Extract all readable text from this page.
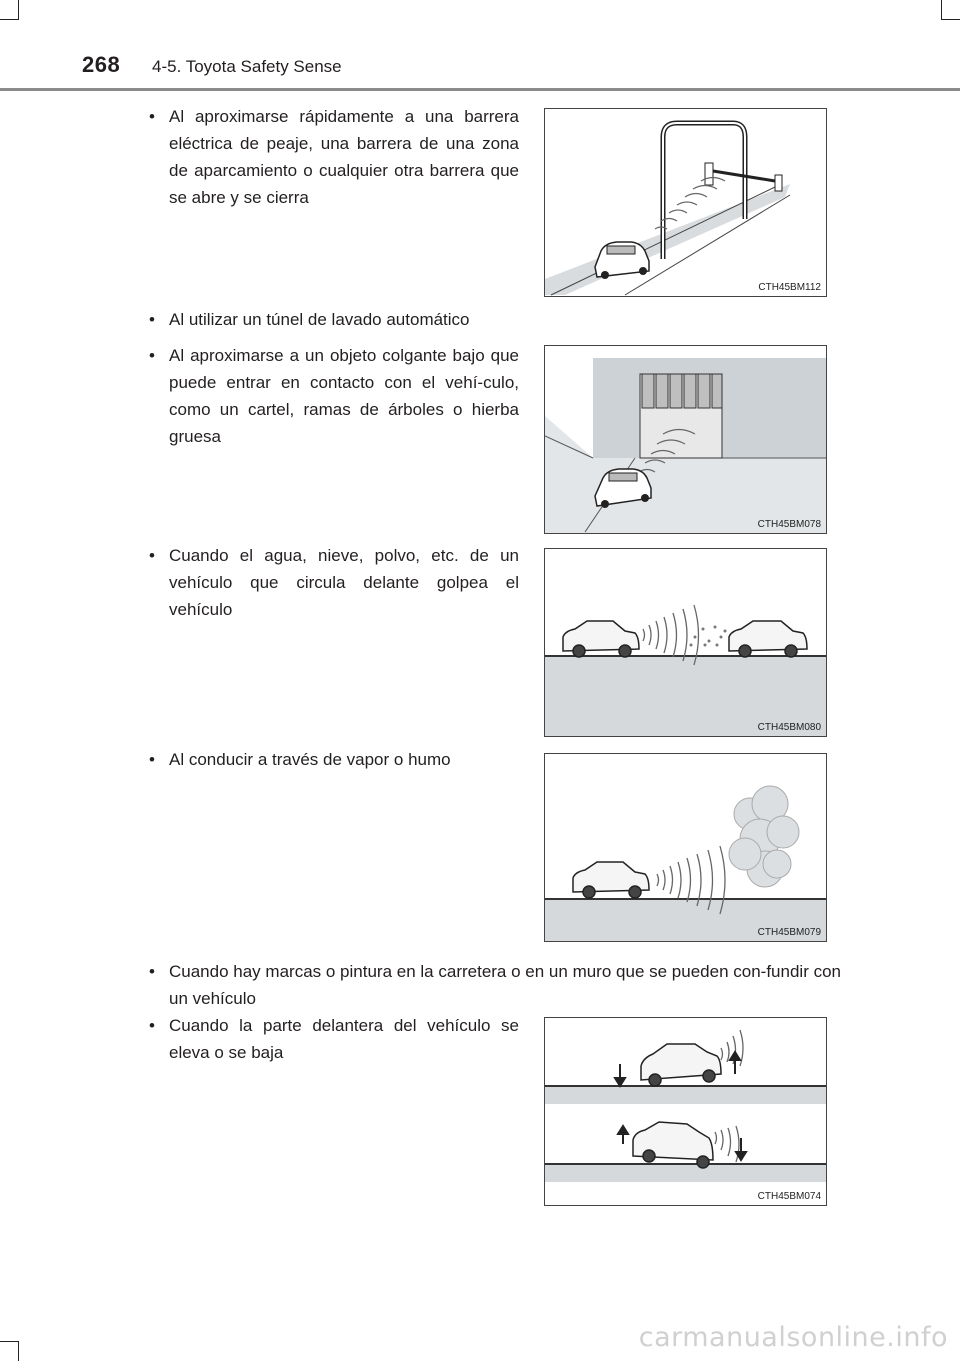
268 4-5. Toyota Safety Sense
• Al aproximarse rápidamente a una barrera eléctrica de peaje, una barrera de una zona de aparcamiento o cualquier otra barrera que se abre y se cierra
• Al utilizar un túnel de lavado automático
• Al aproximarse a un objeto colgante bajo que puede entrar en contacto con el vehí-culo, como un cartel, ramas de árboles o hierba gruesa
• Cuando el agua, nieve, polvo, etc. de un vehículo que circula delante golpea el vehículo
• Al conducir a través de vapor o humo
• Cuando hay marcas o pintura en la carretera o en un muro que se pueden con-fundir con un vehículo
• Cuando la parte delantera del vehículo se eleva o se baja
CTH45BM112
CTH45BM078
CTH45BM080
CTH45BM079
CTH45BM074
carmanualsonline.info
